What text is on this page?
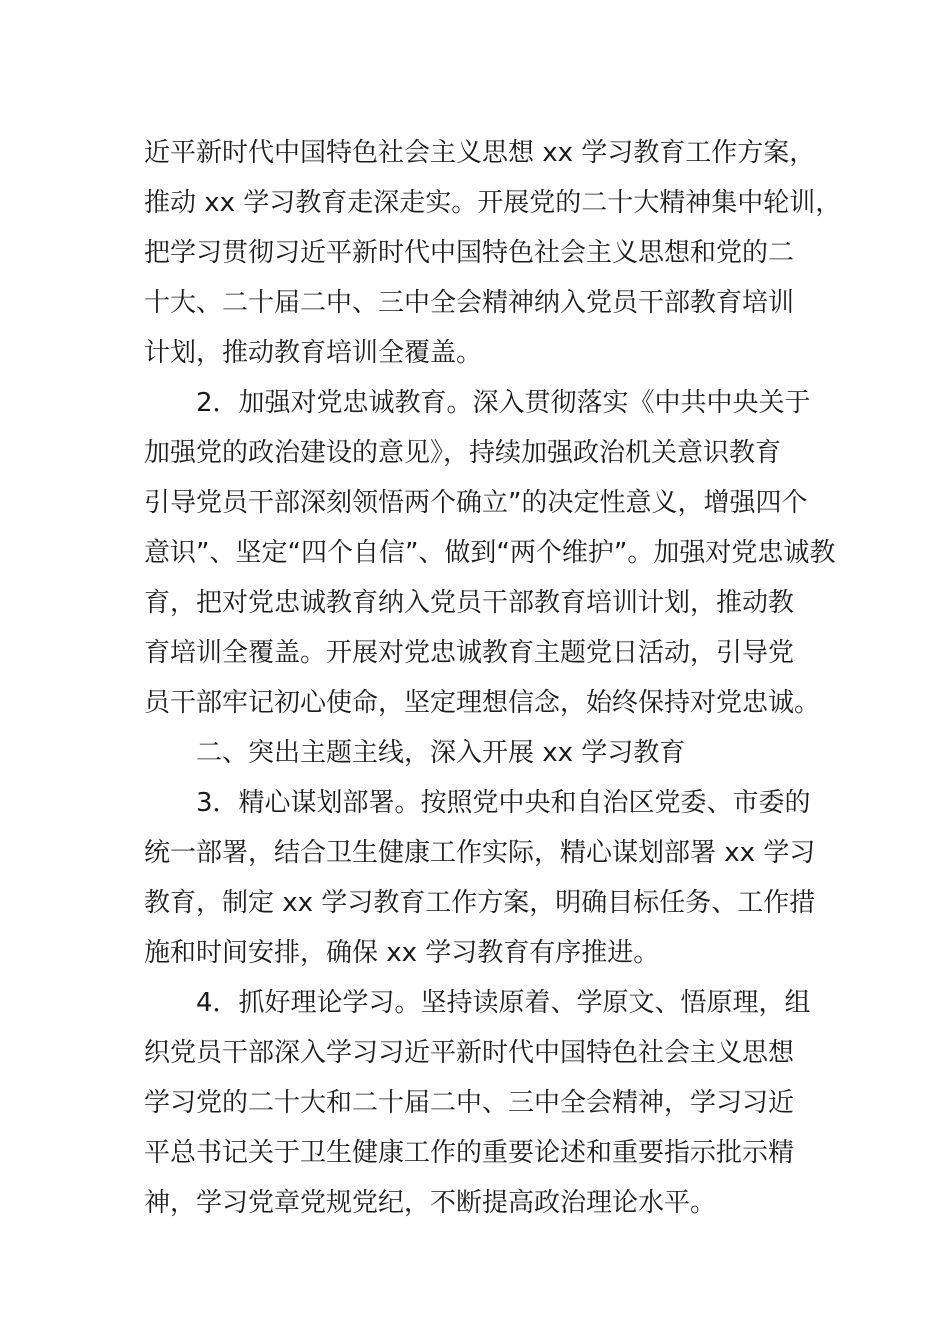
近平新时代中国特色社会主义思想 xx 学习教育工作方案，
推动 xx 学习教育走深走实。开展党的二十大精神集中轮训，
把学习贯彻习近平新时代中国特色社会主义思想和党的二
十大、二十届二中、三中全会精神纳入党员干部教育培训
计划，推动教育培训全覆盖。
2．加强对党忠诚教育。深入贯彻落实《中共中央关于
加强党的政治建设的意见》，持续加强政治机关意识教育
引导党员干部深刻领悟两个确立”的决定性意义，增强四个
意识”、坚定“四个自信”、做到“两个维护”。加强对党忠诚教
育，把对党忠诚教育纳入党员干部教育培训计划，推动教
育培训全覆盖。开展对党忠诚教育主题党日活动，引导党
员干部牢记初心使命，坚定理想信念，始终保持对党忠诚。
二、突出主题主线，深入开展 xx 学习教育
3．精心谋划部署。按照党中央和自治区党委、市委的
统一部署，结合卫生健康工作实际，精心谋划部署 xx 学习
教育，制定 xx 学习教育工作方案，明确目标任务、工作措
施和时间安排，确保 xx 学习教育有序推进。
4．抓好理论学习。坚持读原着、学原文、悟原理，组
织党员干部深入学习习近平新时代中国特色社会主义思想
学习党的二十大和二十届二中、三中全会精神，学习习近
平总书记关于卫生健康工作的重要论述和重要指示批示精
神，学习党章党规党纪，不断提高政治理论水平。
